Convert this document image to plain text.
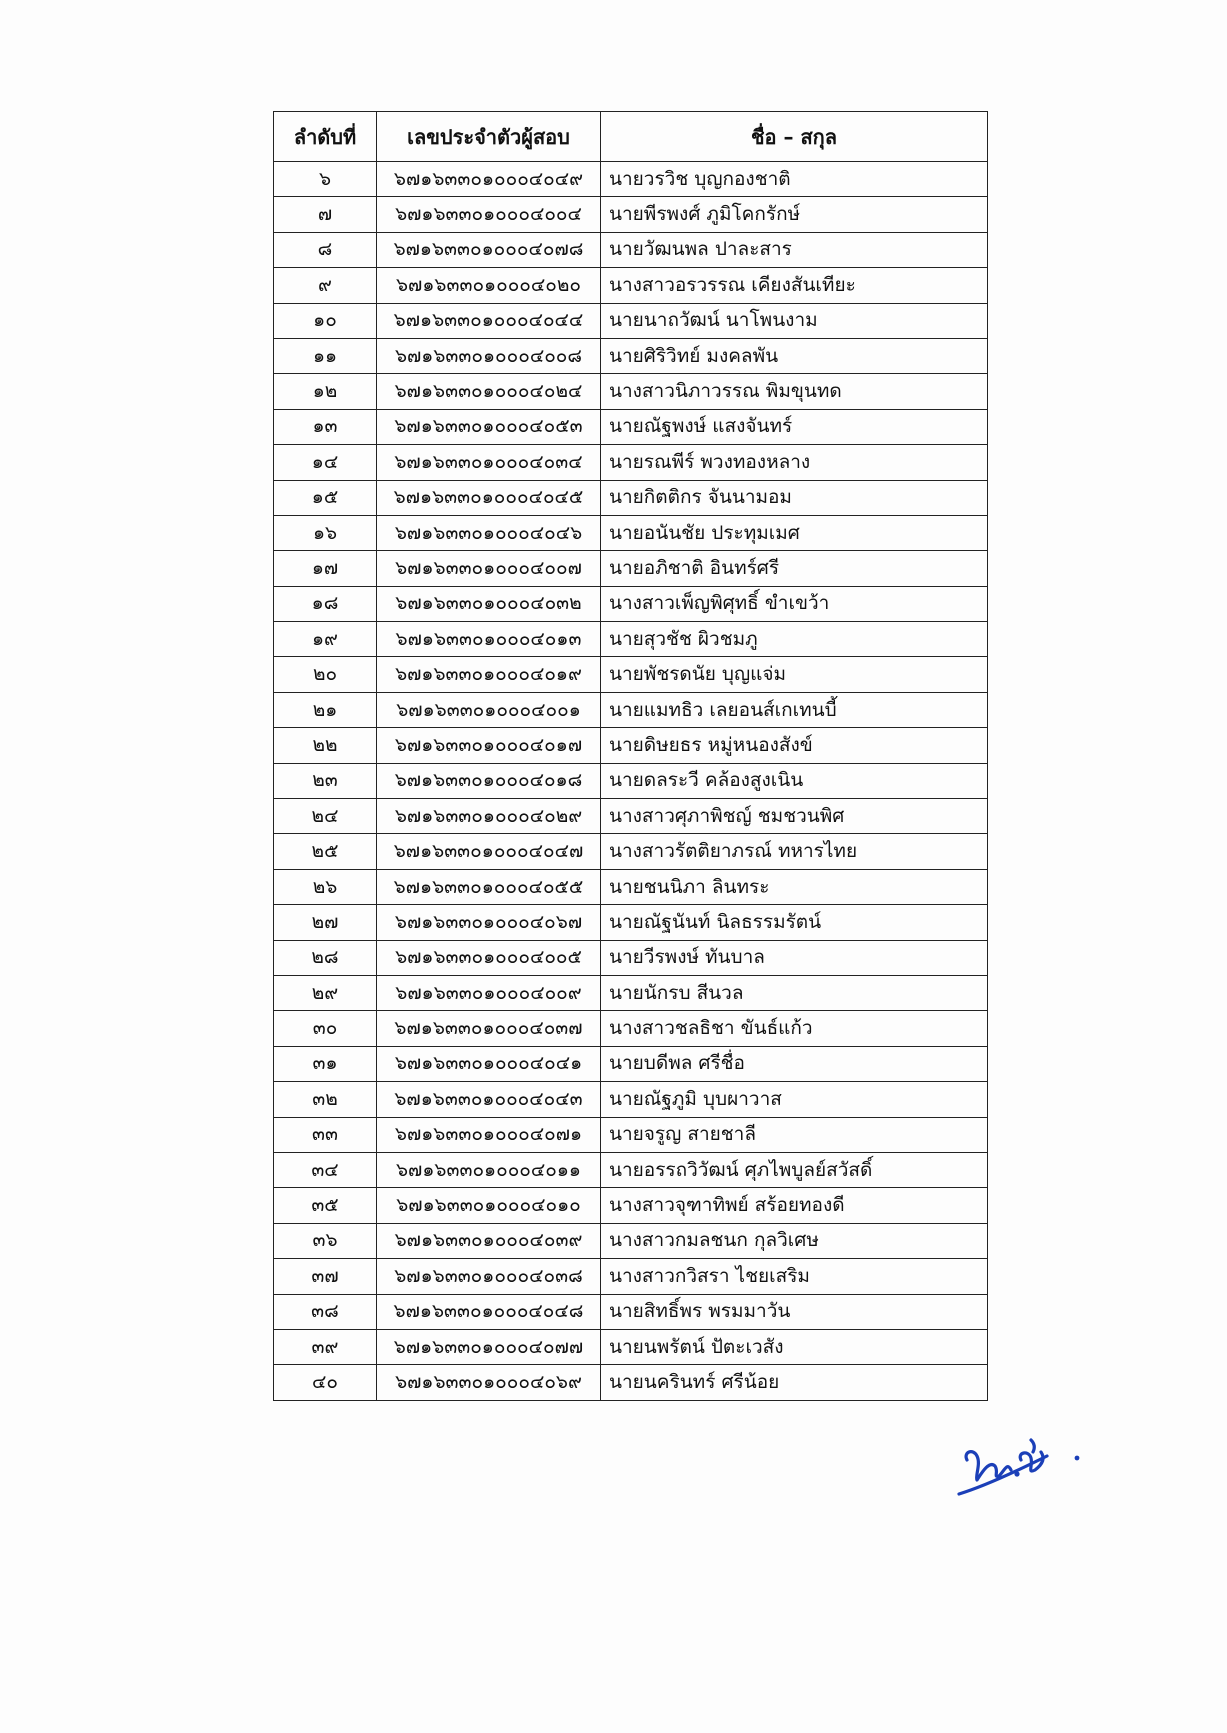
ลำดับที่	เลขประจำตัวผู้สอบ	ชื่อ – สกุล
๖	๖๗๑๖๓๓๐๑๐๐๐๔๐๔๙	นายวรวิช บุญกองชาติ
๗	๖๗๑๖๓๓๐๑๐๐๐๔๐๐๔	นายพีรพงศ์ ภูมิโคกรักษ์
๘	๖๗๑๖๓๓๐๑๐๐๐๔๐๗๘	นายวัฒนพล ปาละสาร
๙	๖๗๑๖๓๓๐๑๐๐๐๔๐๒๐	นางสาวอรวรรณ เคียงสันเทียะ
๑๐	๖๗๑๖๓๓๐๑๐๐๐๔๐๔๔	นายนาถวัฒน์ นาโพนงาม
๑๑	๖๗๑๖๓๓๐๑๐๐๐๔๐๐๘	นายศิริวิทย์ มงคลพัน
๑๒	๖๗๑๖๓๓๐๑๐๐๐๔๐๒๔	นางสาวนิภาวรรณ พิมขุนทด
๑๓	๖๗๑๖๓๓๐๑๐๐๐๔๐๕๓	นายณัฐพงษ์ แสงจันทร์
๑๔	๖๗๑๖๓๓๐๑๐๐๐๔๐๓๔	นายรณพีร์ พวงทองหลาง
๑๕	๖๗๑๖๓๓๐๑๐๐๐๔๐๔๕	นายกิตติกร จันนามอม
๑๖	๖๗๑๖๓๓๐๑๐๐๐๔๐๔๖	นายอนันชัย ประทุมเมศ
๑๗	๖๗๑๖๓๓๐๑๐๐๐๔๐๐๗	นายอภิชาติ อินทร์ศรี
๑๘	๖๗๑๖๓๓๐๑๐๐๐๔๐๓๒	นางสาวเพ็ญพิศุทธิ์ ขำเขว้า
๑๙	๖๗๑๖๓๓๐๑๐๐๐๔๐๑๓	นายสุวชัช ผิวชมภู
๒๐	๖๗๑๖๓๓๐๑๐๐๐๔๐๑๙	นายพัชรดนัย บุญแจ่ม
๒๑	๖๗๑๖๓๓๐๑๐๐๐๔๐๐๑	นายแมทธิว เลยอนส์เกเทนบี้
๒๒	๖๗๑๖๓๓๐๑๐๐๐๔๐๑๗	นายดิษยธร หมู่หนองสังข์
๒๓	๖๗๑๖๓๓๐๑๐๐๐๔๐๑๘	นายดลระวี คล้องสูงเนิน
๒๔	๖๗๑๖๓๓๐๑๐๐๐๔๐๒๙	นางสาวศุภาพิชญ์ ชมชวนพิศ
๒๕	๖๗๑๖๓๓๐๑๐๐๐๔๐๔๗	นางสาวรัตติยาภรณ์ ทหารไทย
๒๖	๖๗๑๖๓๓๐๑๐๐๐๔๐๕๕	นายชนนิภา ลินทระ
๒๗	๖๗๑๖๓๓๐๑๐๐๐๔๐๖๗	นายณัฐนันท์ นิลธรรมรัตน์
๒๘	๖๗๑๖๓๓๐๑๐๐๐๔๐๐๕	นายวีรพงษ์ ทันบาล
๒๙	๖๗๑๖๓๓๐๑๐๐๐๔๐๐๙	นายนักรบ สีนวล
๓๐	๖๗๑๖๓๓๐๑๐๐๐๔๐๓๗	นางสาวชลธิชา ขันธ์แก้ว
๓๑	๖๗๑๖๓๓๐๑๐๐๐๔๐๔๑	นายบดีพล ศรีชื่อ
๓๒	๖๗๑๖๓๓๐๑๐๐๐๔๐๔๓	นายณัฐภูมิ บุบผาวาส
๓๓	๖๗๑๖๓๓๐๑๐๐๐๔๐๗๑	นายจรูญ สายชาลี
๓๔	๖๗๑๖๓๓๐๑๐๐๐๔๐๑๑	นายอรรถวิวัฒน์ ศุภไพบูลย์สวัสดิ์
๓๕	๖๗๑๖๓๓๐๑๐๐๐๔๐๑๐	นางสาวจุฑาทิพย์ สร้อยทองดี
๓๖	๖๗๑๖๓๓๐๑๐๐๐๔๐๓๙	นางสาวกมลชนก กุลวิเศษ
๓๗	๖๗๑๖๓๓๐๑๐๐๐๔๐๓๘	นางสาวกวิสรา ไชยเสริม
๓๘	๖๗๑๖๓๓๐๑๐๐๐๔๐๔๘	นายสิทธิ์พร พรมมาวัน
๓๙	๖๗๑๖๓๓๐๑๐๐๐๔๐๗๗	นายนพรัตน์ ปัตะเวสัง
๔๐	๖๗๑๖๓๓๐๑๐๐๐๔๐๖๙	นายนครินทร์ ศรีน้อย
